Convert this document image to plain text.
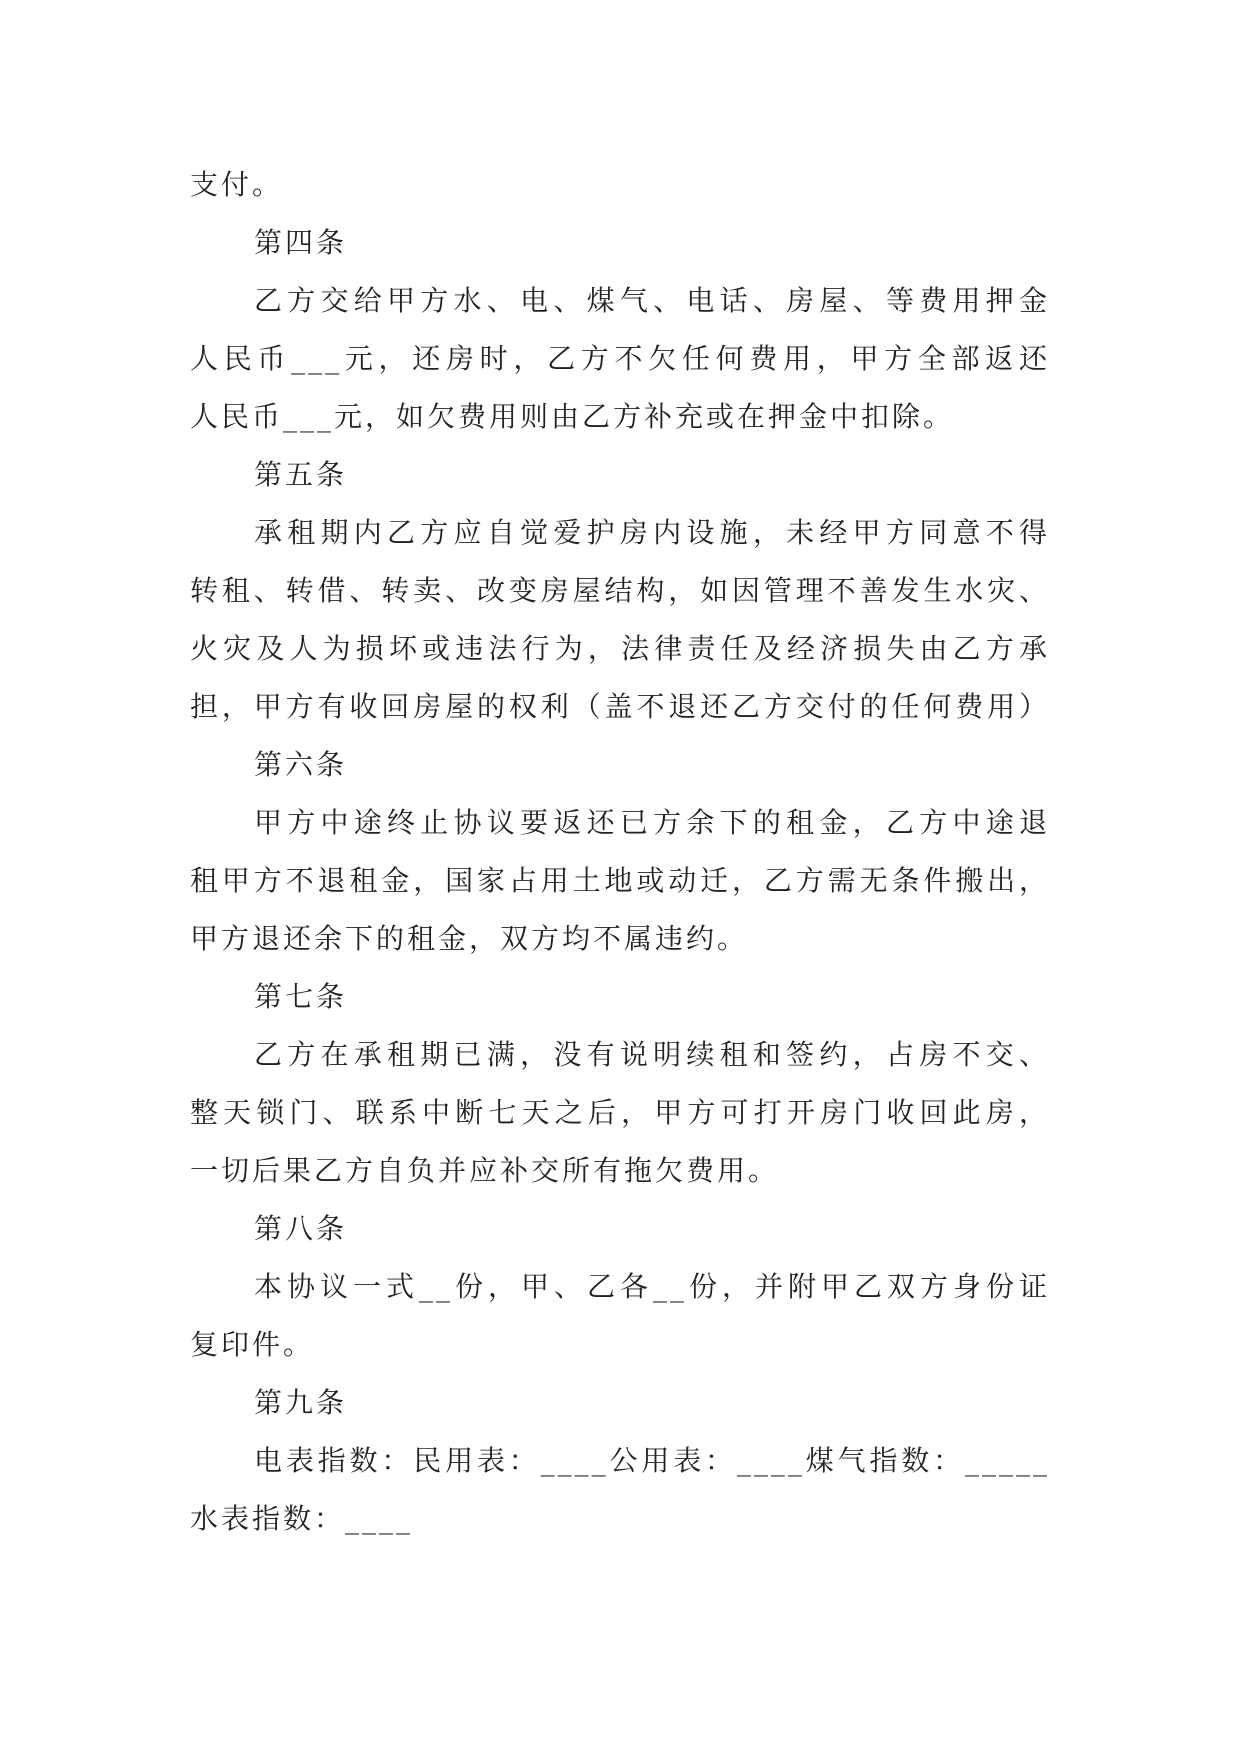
支付。
第四条
乙方交给甲方水、电、煤气、电话、房屋、等费用押金
人民币___元，还房时，乙方不欠任何费用，甲方全部返还
人民币___元，如欠费用则由乙方补充或在押金中扣除。
第五条
承租期内乙方应自觉爱护房内设施，未经甲方同意不得
转租、转借、转卖、改变房屋结构，如因管理不善发生水灾、
火灾及人为损坏或违法行为，法律责任及经济损失由乙方承
担，甲方有收回房屋的权利（盖不退还乙方交付的任何费用）
第六条
甲方中途终止协议要返还已方余下的租金，乙方中途退
租甲方不退租金，国家占用土地或动迁，乙方需无条件搬出，
甲方退还余下的租金，双方均不属违约。
第七条
乙方在承租期已满，没有说明续租和签约，占房不交、
整天锁门、联系中断七天之后，甲方可打开房门收回此房，
一切后果乙方自负并应补交所有拖欠费用。
第八条
本协议一式__份，甲、乙各__份，并附甲乙双方身份证
复印件。
第九条
电表指数：民用表：____公用表：____煤气指数：_____
水表指数：____
